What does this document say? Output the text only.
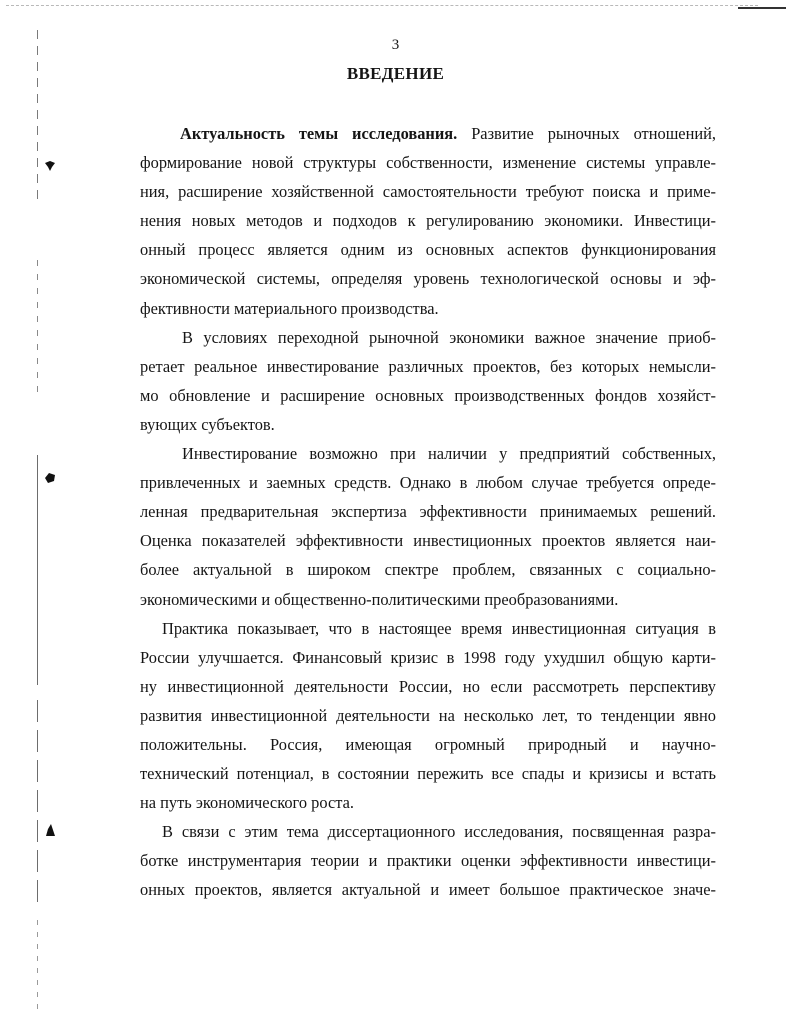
3
ВВЕДЕНИЕ
Актуальность темы исследования. Развитие рыночных отношений,
формирование новой структуры собственности, изменение системы управле-
ния, расширение хозяйственной самостоятельности требуют поиска и приме-
нения новых методов и подходов к регулированию экономики. Инвестици-
онный процесс является одним из основных аспектов функционирования
экономической системы, определяя уровень технологической основы и эф-
фективности материального производства.
В условиях переходной рыночной экономики важное значение приоб-
ретает реальное инвестирование различных проектов, без которых немысли-
мо обновление и расширение основных производственных фондов хозяйст-
вующих субъектов.
Инвестирование возможно при наличии у предприятий собственных,
привлеченных и заемных средств. Однако в любом случае требуется опреде-
ленная предварительная экспертиза эффективности принимаемых решений.
Оценка показателей эффективности инвестиционных проектов является наи-
более актуальной в широком спектре проблем, связанных с социально-
экономическими и общественно-политическими преобразованиями.
Практика показывает, что в настоящее время инвестиционная ситуация в
России улучшается. Финансовый кризис в 1998 году ухудшил общую карти-
ну инвестиционной деятельности России, но если рассмотреть перспективу
развития инвестиционной деятельности на несколько лет, то тенденции явно
положительны. Россия, имеющая огромный природный и научно-
технический потенциал, в состоянии пережить все спады и кризисы и встать
на путь экономического роста.
В связи с этим тема диссертационного исследования, посвященная разра-
ботке инструментария теории и практики оценки эффективности инвестици-
онных проектов, является актуальной и имеет большое практическое значе-
